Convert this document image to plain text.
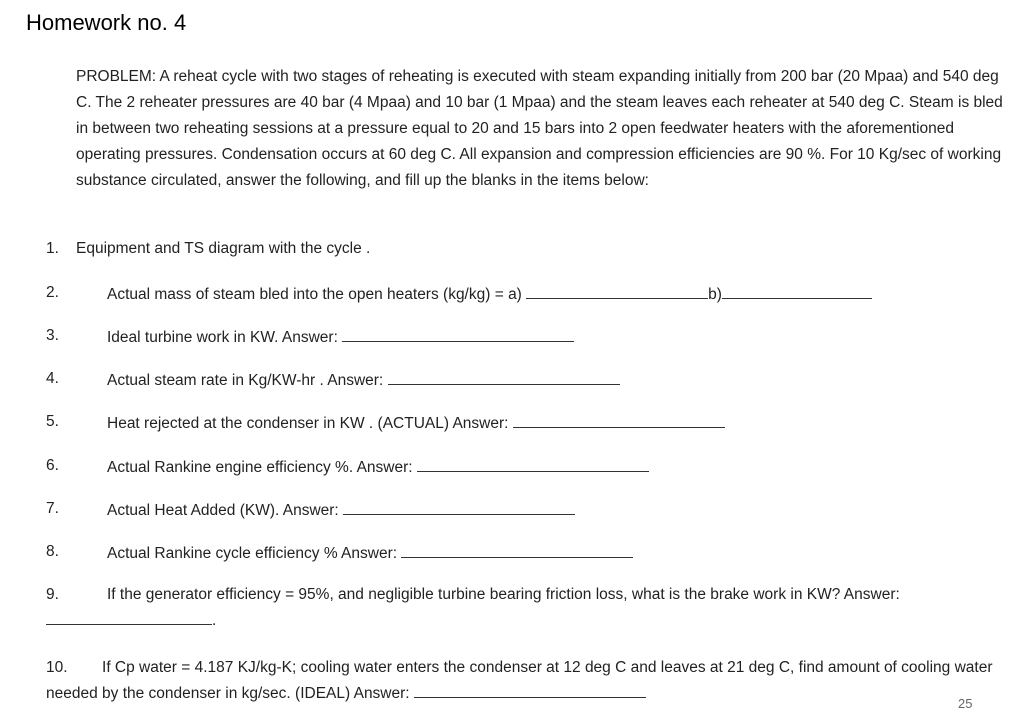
Homework no. 4
PROBLEM: A reheat cycle with two stages of reheating is executed with steam expanding initially from 200 bar (20 Mpaa) and 540 deg C. The 2 reheater pressures are 40 bar (4 Mpaa) and 10 bar (1 Mpaa) and the steam leaves each reheater at 540 deg C. Steam is bled in between two reheating sessions at a pressure equal to 20 and 15 bars into 2 open feedwater heaters with the aforementioned operating pressures. Condensation occurs at 60 deg C. All expansion and compression efficiencies are 90 %. For 10 Kg/sec of working substance circulated, answer the following, and fill up the blanks in the items below:
1. Equipment and TS diagram with the cycle .
2.	Actual mass of steam bled into the open heaters (kg/kg) = a)	b)
3.	Ideal turbine work in KW. Answer:
4.	Actual steam rate in Kg/KW-hr . Answer:
5.	Heat rejected at the condenser in KW . (ACTUAL) Answer:
6.	Actual Rankine engine efficiency %. Answer:
7.	Actual Heat Added (KW). Answer:
8.	Actual Rankine cycle efficiency % Answer:
9.	If the generator efficiency = 95%, and negligible turbine bearing friction loss, what is the brake work in KW? Answer:
.
10. If Cp water = 4.187 KJ/kg-K; cooling water enters the condenser at 12 deg C and leaves at 21 deg C, find amount of cooling water needed by the condenser in kg/sec. (IDEAL) Answer:
25
